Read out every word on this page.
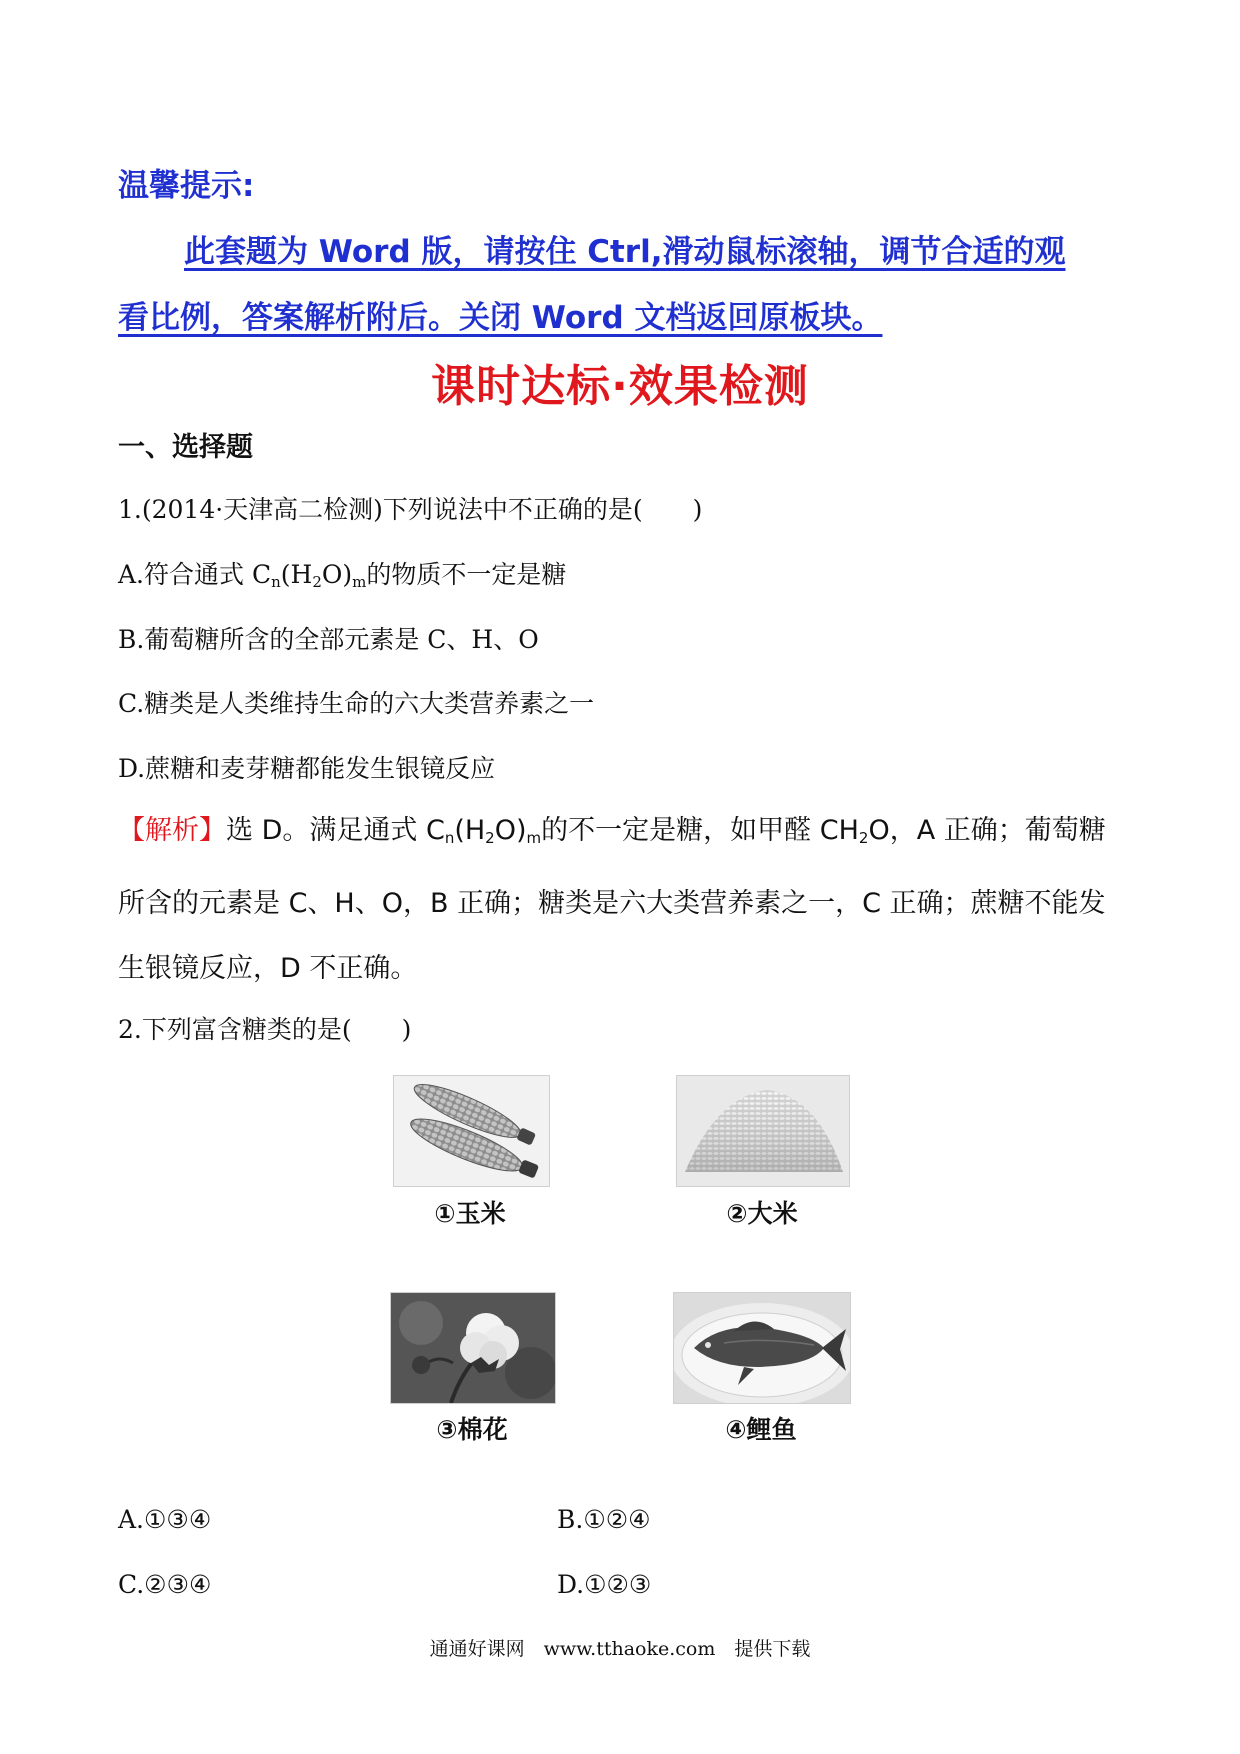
温馨提示:
此套题为 Word 版，请按住 Ctrl,滑动鼠标滚轴，调节合适的观
看比例，答案解析附后。关闭 Word 文档返回原板块。
课时达标·效果检测
一、选择题
1.(2014·天津高二检测)下列说法中不正确的是(　　)
A.符合通式 $C_n(H_2O)_m$的物质不一定是糖
B.葡萄糖所含的全部元素是 C、H、O
C.糖类是人类维持生命的六大类营养素之一
D.蔗糖和麦芽糖都能发生银镜反应
【解析】选 D。满足通式 Cn(H2O)m的不一定是糖，如甲醛 CH2O，A 正确；葡萄糖所含的元素是 C、H、O，B 正确；糖类是六大类营养素之一，C 正确；蔗糖不能发生银镜反应，D 不正确。
2.下列富含糖类的是(　　)
①玉米	②大米
③棉花	④鲤鱼
A.①③④	B.①②④
C.②③④	D.①②③
通通好课网　www.tthaoke.com　提供下载
